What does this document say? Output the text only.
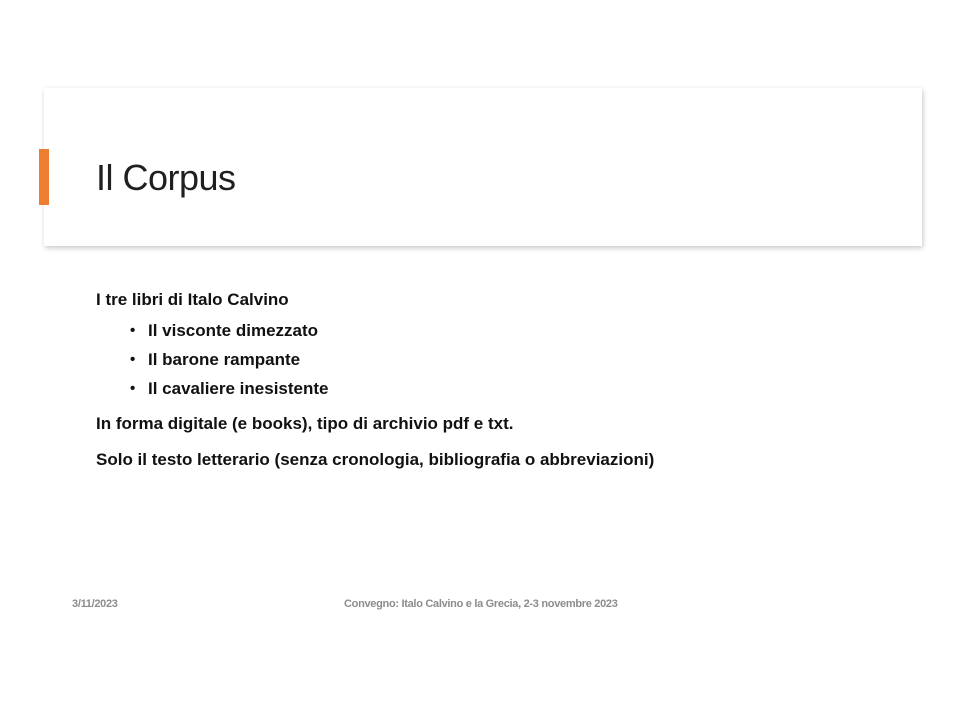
Il Corpus

I tre libri di Italo Calvino

• Il visconte dimezzato
• Il barone rampante
• Il cavaliere inesistente

In forma digitale (e books), tipo di archivio pdf e txt.

Solo il testo letterario (senza cronologia, bibliografia o abbreviazioni)

3/11/2023	Convegno: Italo Calvino e la Grecia, 2-3 novembre 2023
